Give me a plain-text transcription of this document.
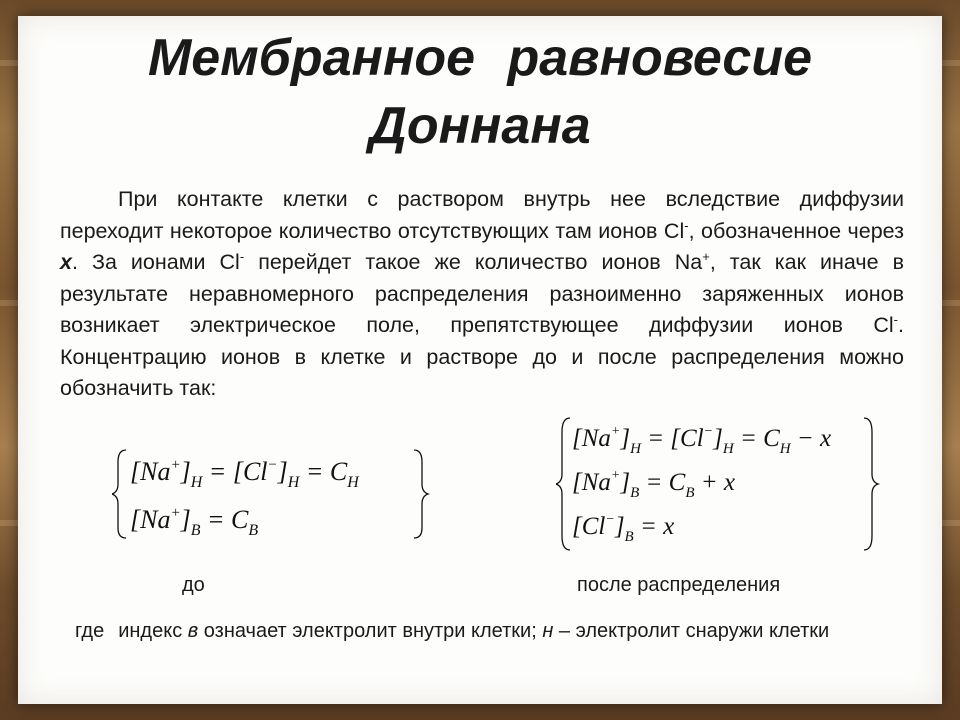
Мембранное равновесие
Доннана
При контакте клетки с раствором внутрь нее вследствие диффузии переходит некоторое количество отсутствующих там ионов Cl-, обозначенное через x. За ионами Cl- перейдет такое же количество ионов Na+, так как иначе в результате неравномерного распределения разноименно заряженных ионов возникает электрическое поле, препятствующее диффузии ионов Cl-. Концентрацию ионов в клетке и растворе до и после распределения можно обозначить так:
$[Na^+]_H = [Cl^-]_H = C_H$
$[Na^+]_B = C_B$
$[Na^+]_H = [Cl^-]_H = C_H - x$
$[Na^+]_B = C_B + x$
$[Cl^-]_B = x$
до	после распределения
где индекс в означает электролит внутри клетки; н – электролит снаружи клетки
